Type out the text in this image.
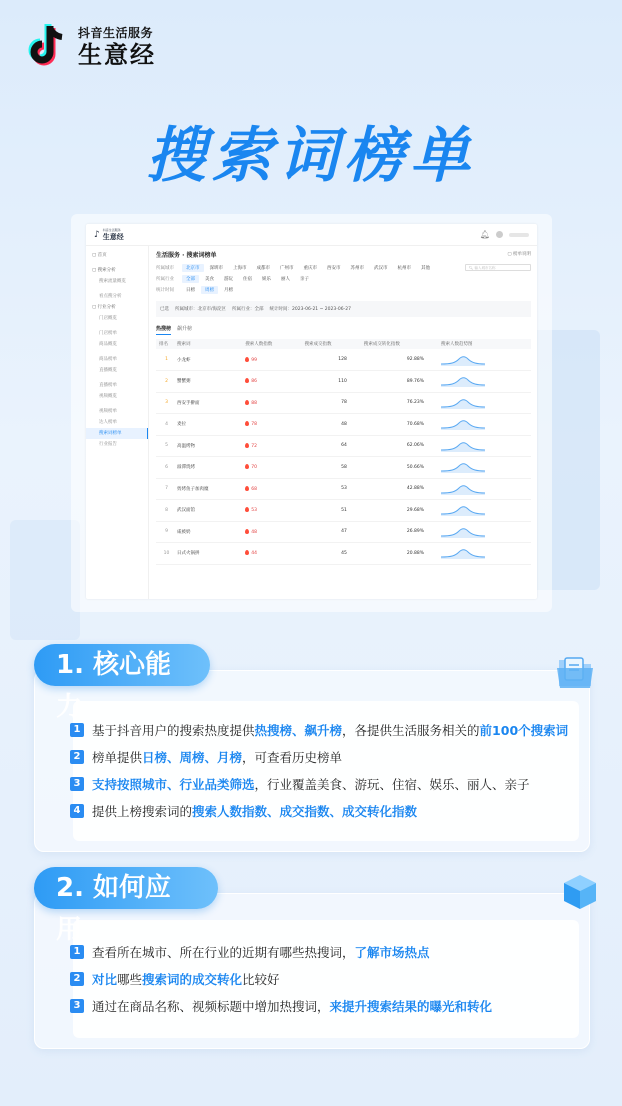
抖音生活服务
生意经
搜索词榜单
♪ 抖音生活服务
生意经	🔔︎
▢ 首页
▢ 搜索分析
搜索流量概览
看点搜分析
▢ 行业分析
门店概览
门店榜单
商品概览
商品榜单
直播概览
直播榜单
视频概览
视频榜单
达人榜单
搜索词榜单
行业报告
生活服务 · 搜索词榜单	▢ 榜单说明
所属城市	北京市	深圳市	上海市	成都市	广州市	重庆市	西安市	苏州市	武汉市	杭州市	其他	🔍︎ 输入城市名称
所属行业	全部	美食	游玩	住宿	娱乐	丽人	亲子
统计时间	日榜	周榜	月榜
已选 所属城市：北京市/海淀区 所属行业：全部 统计时间：2023-06-21 ~ 2023-06-27
热搜榜 飙升榜
排名	搜索词	搜索人数指数	搜索成交指数	搜索成交转化指数	搜索人数趋势图
1	小龙虾	99	128	92.88%	

2	蟹蟹粥	86	110	89.76%	

3	西安手擀面	88	78	76.23%	

4	麦拉	78	48	70.68%	

5	高温烤物	72	64	62.06%	

6	溢滞烧烤	70	58	50.66%	

7	剪烤鱼子加肉糜	68	53	42.88%	

8	武汉面馆	53	51	29.68%	

9	咸被奶	48	47	26.89%	

10	日式火锅拼	44	45	20.88%	
1. 核心能力
1 基于抖音用户的搜索热度提供 热搜榜、飙升榜 ，各提供生活服务相关的 前100个搜索词
2 榜单提供 日榜、周榜、月榜 ，可查看历史榜单
3 支持按照城市、行业品类筛选 ，行业覆盖美食、游玩、住宿、娱乐、丽人、亲子
4 提供上榜搜索词的 搜索人数指数、成交指数、成交转化指数
2. 如何应用
1 查看所在城市、所在行业的近期有哪些热搜词， 了解市场热点
2 对比 哪些 搜索词的成交转化 比较好
3 通过在商品名称、视频标题中增加热搜词， 来提升搜索结果的曝光和转化
